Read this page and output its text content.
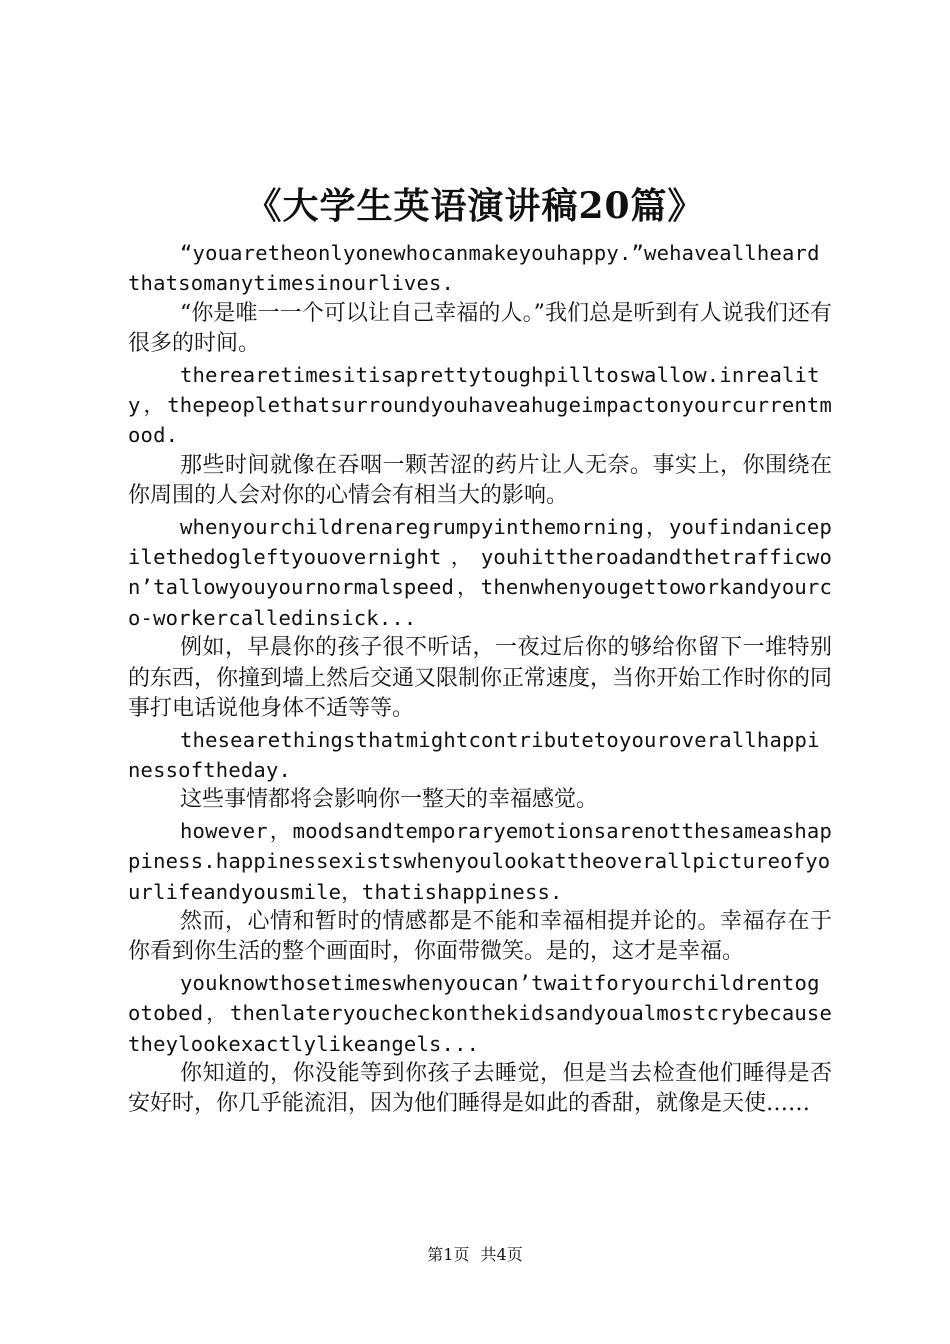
《大学生英语演讲稿20篇》

“youaretheonlyonewhocanmakeyouhappy.”wehaveallheardthatsomanytimesinourlives.

“你是唯一一个可以让自己幸福的人。”我们总是听到有人说我们还有很多的时间。

therearetimesitisaprettytoughpilltoswallow.inreality，thepeoplethatsurroundyouhaveahugeimpactonyourcurrentmood.

那些时间就像在吞咽一颗苦涩的药片让人无奈。事实上，你围绕在你周围的人会对你的心情会有相当大的影响。

whenyourchildrenaregrumpyinthemorning，youfindanicepilethedogleftyouovernight，youhittheroadandthetrafficwon’tallowyouyournormalspeed，thenwhenyougettoworkandyourco-workercalledinsick...

例如，早晨你的孩子很不听话，一夜过后你的够给你留下一堆特别的东西，你撞到墙上然后交通又限制你正常速度，当你开始工作时你的同事打电话说他身体不适等等。

thesearethingsthatmightcontributetoyouroverallhappinessoftheday.

这些事情都将会影响你一整天的幸福感觉。

however，moodsandtemporaryemotionsarenotthesameashappiness.happinessexistswhenyoulookattheoverallpictureofyourlifeandyousmile，thatishappiness.

然而，心情和暂时的情感都是不能和幸福相提并论的。幸福存在于你看到你生活的整个画面时，你面带微笑。是的，这才是幸福。

youknowthosetimeswhenyoucan’twaitforyourchildrentogotobed，thenlateryoucheckonthekidsandyoualmostcrybecausetheylookexactlylikeangels...

你知道的，你没能等到你孩子去睡觉，但是当去检查他们睡得是否安好时，你几乎能流泪，因为他们睡得是如此的香甜，就像是天使……

第1页 共4页
